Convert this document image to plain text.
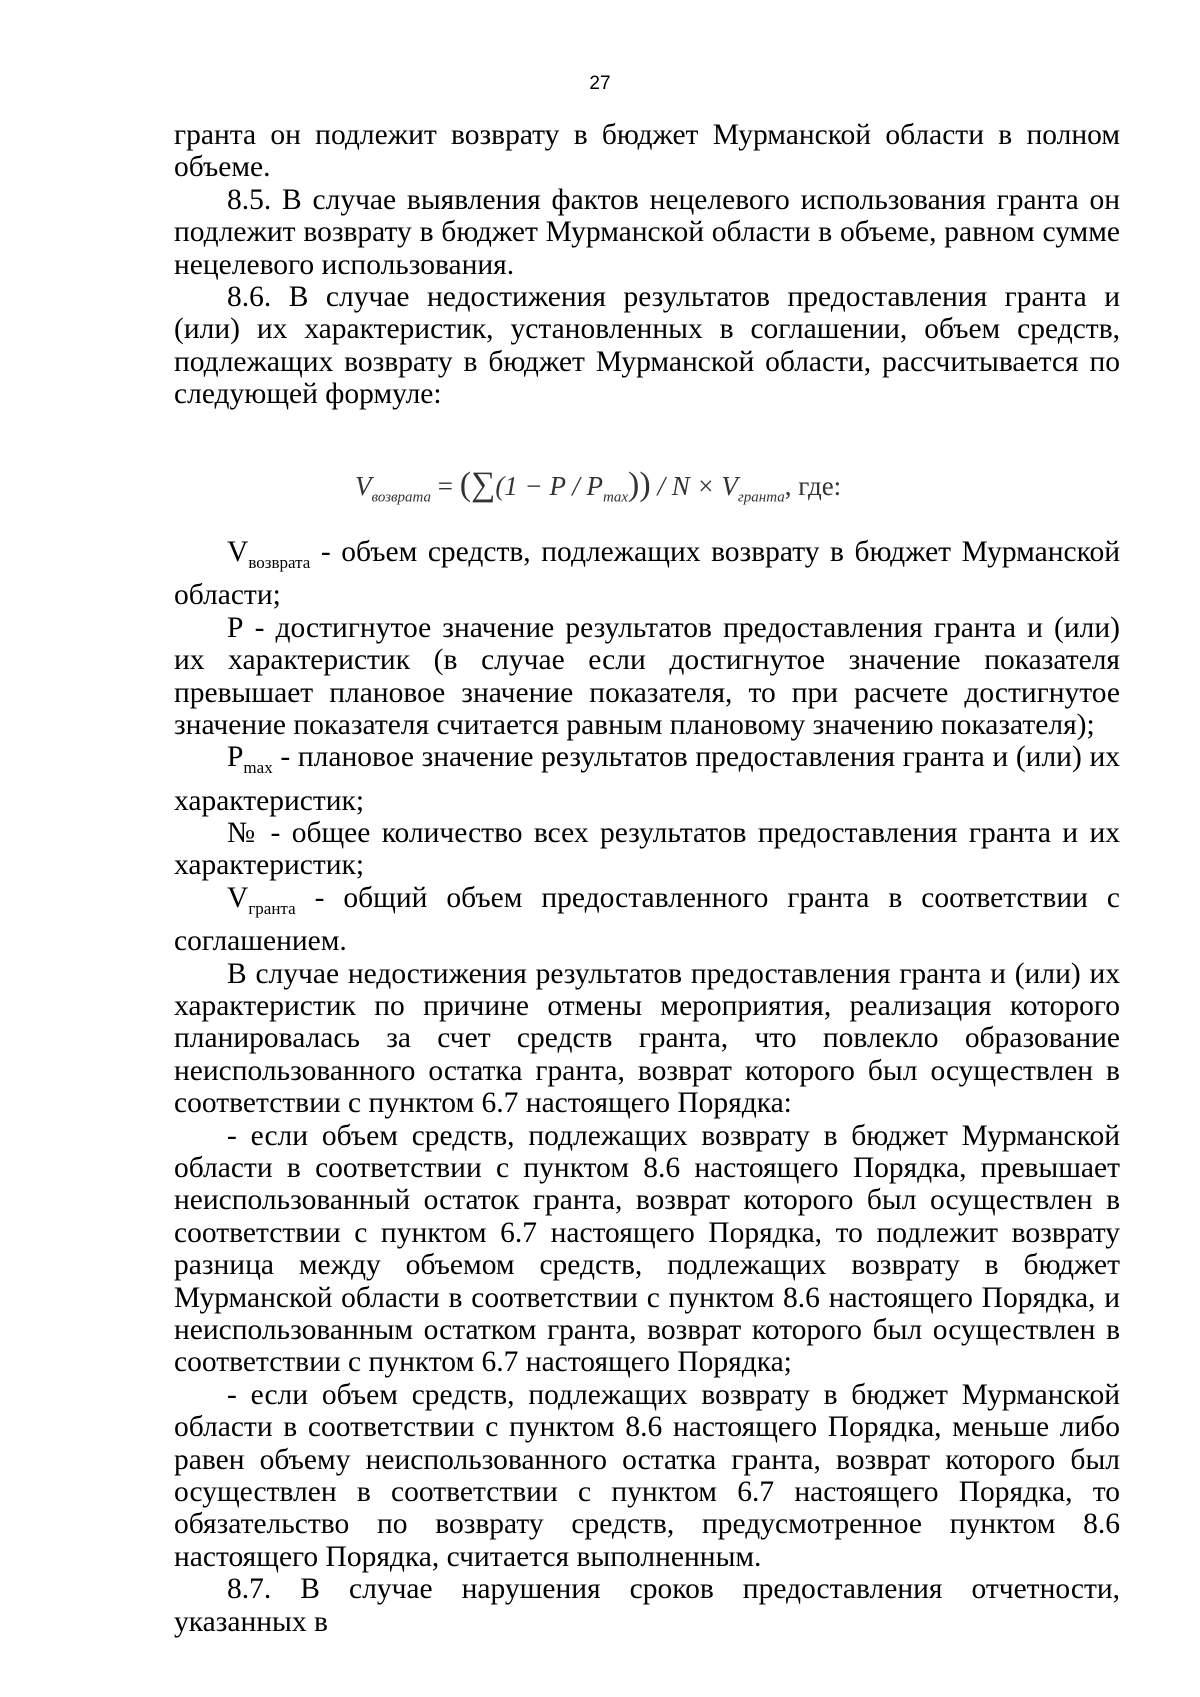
27

гранта он подлежит возврату в бюджет Мурманской области в полном объеме.

8.5. В случае выявления фактов нецелевого использования гранта он подлежит возврату в бюджет Мурманской области в объеме, равном сумме нецелевого использования.

8.6. В случае недостижения результатов предоставления гранта и (или) их характеристик, установленных в соглашении, объем средств, подлежащих возврату в бюджет Мурманской области, рассчитывается по следующей формуле:

$V_{возврата} = (\sum(1 - P / P_{max})) / N \times V_{гранта}$, где:

$V_{возврата}$ - объем средств, подлежащих возврату в бюджет Мурманской области;

Р - достигнутое значение результатов предоставления гранта и (или) их характеристик (в случае если достигнутое значение показателя превышает плановое значение показателя, то при расчете достигнутое значение показателя считается равным плановому значению показателя);

$P_{max}$ - плановое значение результатов предоставления гранта и (или) их характеристик;

№ - общее количество всех результатов предоставления гранта и их характеристик;

$V_{гранта}$ - общий объем предоставленного гранта в соответствии с соглашением.

В случае недостижения результатов предоставления гранта и (или) их характеристик по причине отмены мероприятия, реализация которого планировалась за счет средств гранта, что повлекло образование неиспользованного остатка гранта, возврат которого был осуществлен в соответствии с пунктом 6.7 настоящего Порядка:

- если объем средств, подлежащих возврату в бюджет Мурманской области в соответствии с пунктом 8.6 настоящего Порядка, превышает неиспользованный остаток гранта, возврат которого был осуществлен в соответствии с пунктом 6.7 настоящего Порядка, то подлежит возврату разница между объемом средств, подлежащих возврату в бюджет Мурманской области в соответствии с пунктом 8.6 настоящего Порядка, и неиспользованным остатком гранта, возврат которого был осуществлен в соответствии с пунктом 6.7 настоящего Порядка;

- если объем средств, подлежащих возврату в бюджет Мурманской области в соответствии с пунктом 8.6 настоящего Порядка, меньше либо равен объему неиспользованного остатка гранта, возврат которого был осуществлен в соответствии с пунктом 6.7 настоящего Порядка, то обязательство по возврату средств, предусмотренное пунктом 8.6 настоящего Порядка, считается выполненным.

8.7. В случае нарушения сроков предоставления отчетности, указанных в
